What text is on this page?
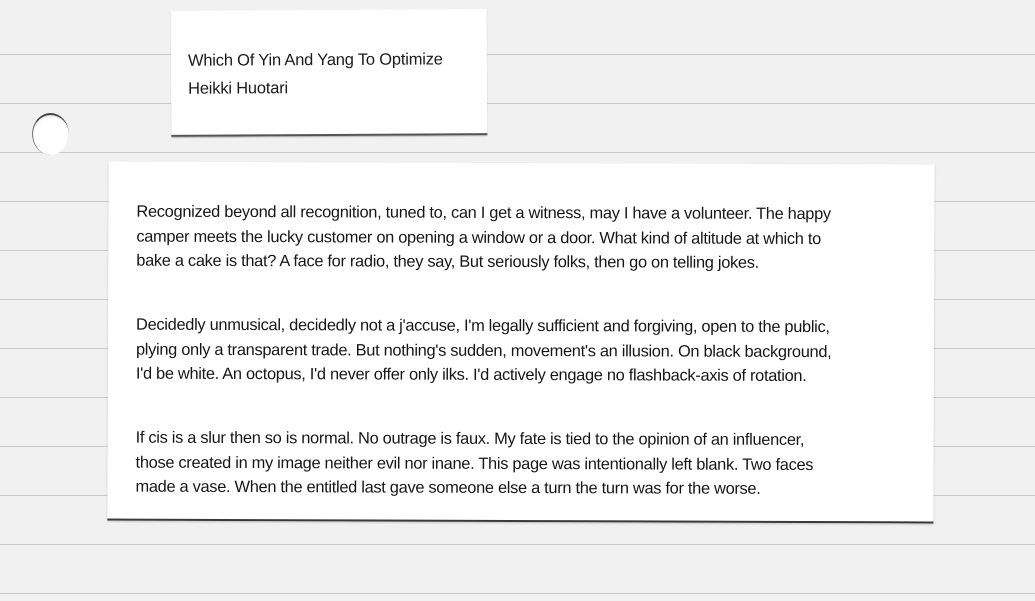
Which Of Yin And Yang To Optimize
Heikki Huotari

Recognized beyond all recognition, tuned to, can I get a witness, may I have a volunteer. The happy
camper meets the lucky customer on opening a window or a door. What kind of altitude at which to
bake a cake is that? A face for radio, they say, But seriously folks, then go on telling jokes.

Decidedly unmusical, decidedly not a j'accuse, I'm legally sufficient and forgiving, open to the public,
plying only a transparent trade. But nothing's sudden, movement's an illusion. On black background,
I'd be white. An octopus, I'd never offer only ilks. I'd actively engage no flashback-axis of rotation.

If cis is a slur then so is normal. No outrage is faux. My fate is tied to the opinion of an influencer,
those created in my image neither evil nor inane. This page was intentionally left blank. Two faces
made a vase. When the entitled last gave someone else a turn the turn was for the worse.
